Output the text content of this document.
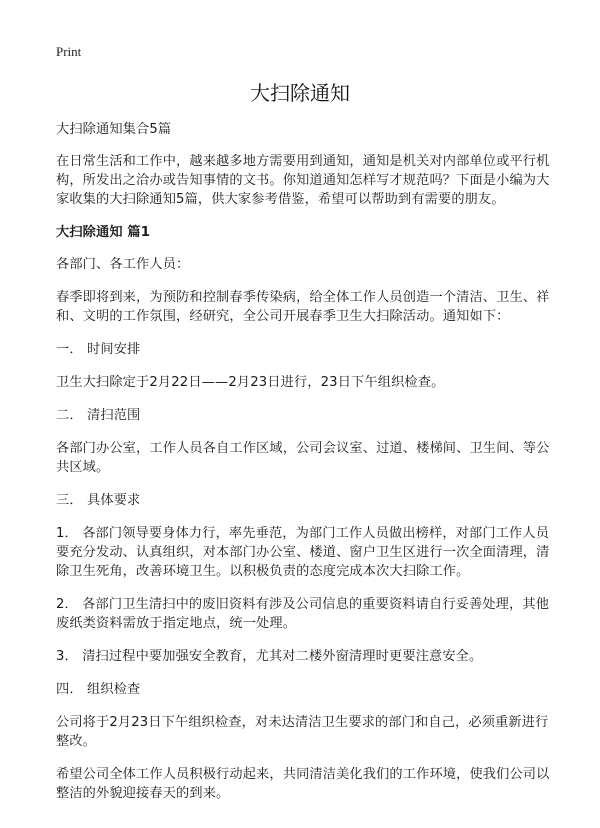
Print
大扫除通知

大扫除通知集合5篇

在日常生活和工作中，越来越多地方需要用到通知，通知是机关对内部单位或平行机构，所发出之洽办或告知事情的文书。你知道通知怎样写才规范吗？下面是小编为大家收集的大扫除通知5篇，供大家参考借鉴，希望可以帮助到有需要的朋友。

大扫除通知 篇1

各部门、各工作人员：

春季即将到来，为预防和控制春季传染病，给全体工作人员创造一个清洁、卫生、祥和、文明的工作氛围，经研究，全公司开展春季卫生大扫除活动。通知如下：

一． 时间安排

卫生大扫除定于2月22日——2月23日进行，23日下午组织检查。

二． 清扫范围

各部门办公室，工作人员各自工作区域，公司会议室、过道、楼梯间、卫生间、等公共区域。

三． 具体要求

1． 各部门领导要身体力行，率先垂范，为部门工作人员做出榜样，对部门工作人员要充分发动、认真组织，对本部门办公室、楼道、窗户卫生区进行一次全面清理，清除卫生死角，改善环境卫生。以积极负责的态度完成本次大扫除工作。

2． 各部门卫生清扫中的废旧资料有涉及公司信息的重要资料请自行妥善处理，其他废纸类资料需放于指定地点，统一处理。

3． 清扫过程中要加强安全教育，尤其对二楼外窗清理时更要注意安全。

四． 组织检查

公司将于2月23日下午组织检查，对未达清洁卫生要求的部门和自己，必须重新进行整改。

希望公司全体工作人员积极行动起来，共同清洁美化我们的工作环境，使我们公司以整洁的外貌迎接春天的到来。
